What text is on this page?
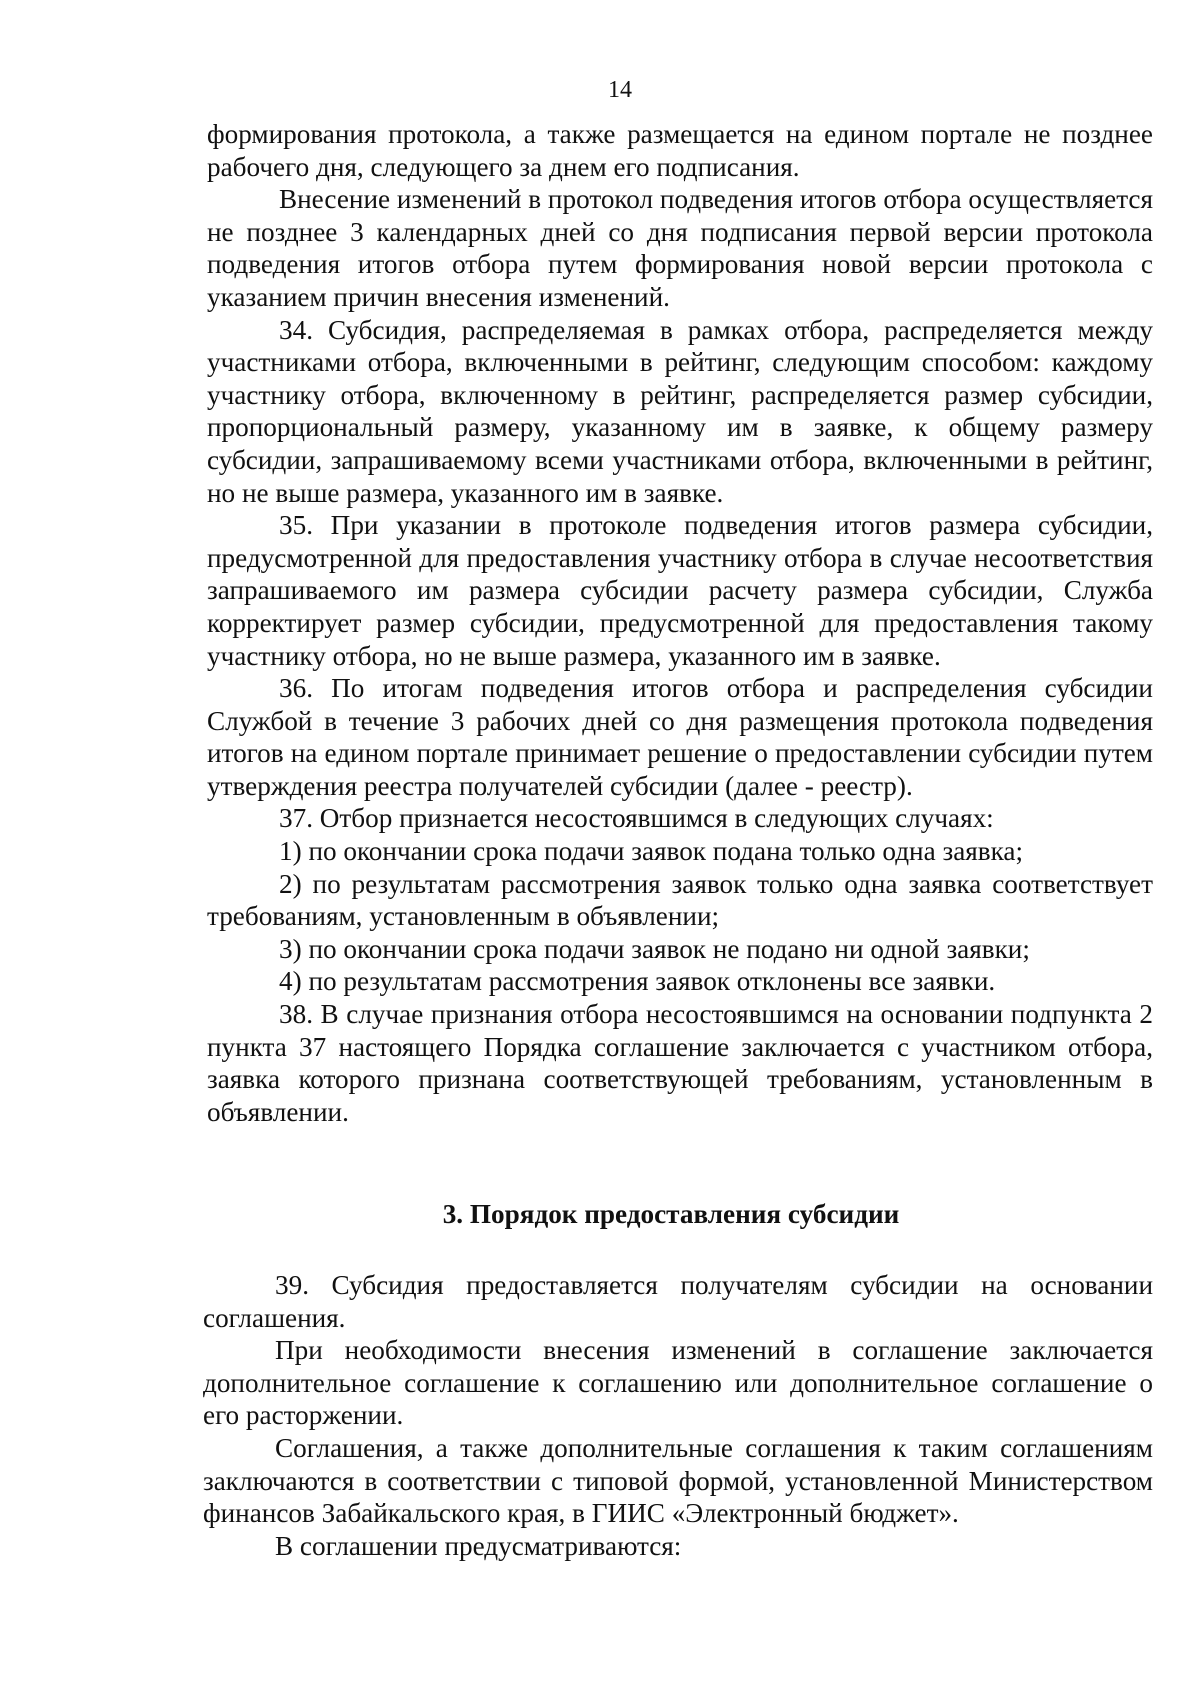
14

формирования протокола, а также размещается на едином портале не позднее рабочего дня, следующего за днем его подписания.

Внесение изменений в протокол подведения итогов отбора осуществляется не позднее 3 календарных дней со дня подписания первой версии протокола подведения итогов отбора путем формирования новой версии протокола с указанием причин внесения изменений.

34. Субсидия, распределяемая в рамках отбора, распределяется между участниками отбора, включенными в рейтинг, следующим способом: каждому участнику отбора, включенному в рейтинг, распределяется размер субсидии, пропорциональный размеру, указанному им в заявке, к общему размеру субсидии, запрашиваемому всеми участниками отбора, включенными в рейтинг, но не выше размера, указанного им в заявке.

35. При указании в протоколе подведения итогов размера субсидии, предусмотренной для предоставления участнику отбора в случае несоответствия запрашиваемого им размера субсидии расчету размера субсидии, Служба корректирует размер субсидии, предусмотренной для предоставления такому участнику отбора, но не выше размера, указанного им в заявке.

36. По итогам подведения итогов отбора и распределения субсидии Службой в течение 3 рабочих дней со дня размещения протокола подведения итогов на едином портале принимает решение о предоставлении субсидии путем утверждения реестра получателей субсидии (далее - реестр).

37. Отбор признается несостоявшимся в следующих случаях:

1) по окончании срока подачи заявок подана только одна заявка;

2) по результатам рассмотрения заявок только одна заявка соответствует требованиям, установленным в объявлении;

3) по окончании срока подачи заявок не подано ни одной заявки;

4) по результатам рассмотрения заявок отклонены все заявки.

38. В случае признания отбора несостоявшимся на основании подпункта 2 пункта 37 настоящего Порядка соглашение заключается с участником отбора, заявка которого признана соответствующей требованиям, установленным в объявлении.

3. Порядок предоставления субсидии

39. Субсидия предоставляется получателям субсидии на основании соглашения.

При необходимости внесения изменений в соглашение заключается дополнительное соглашение к соглашению или дополнительное соглашение о его расторжении.

Соглашения, а также дополнительные соглашения к таким соглашениям заключаются в соответствии с типовой формой, установленной Министерством финансов Забайкальского края, в ГИИС «Электронный бюджет».

В соглашении предусматриваются:
